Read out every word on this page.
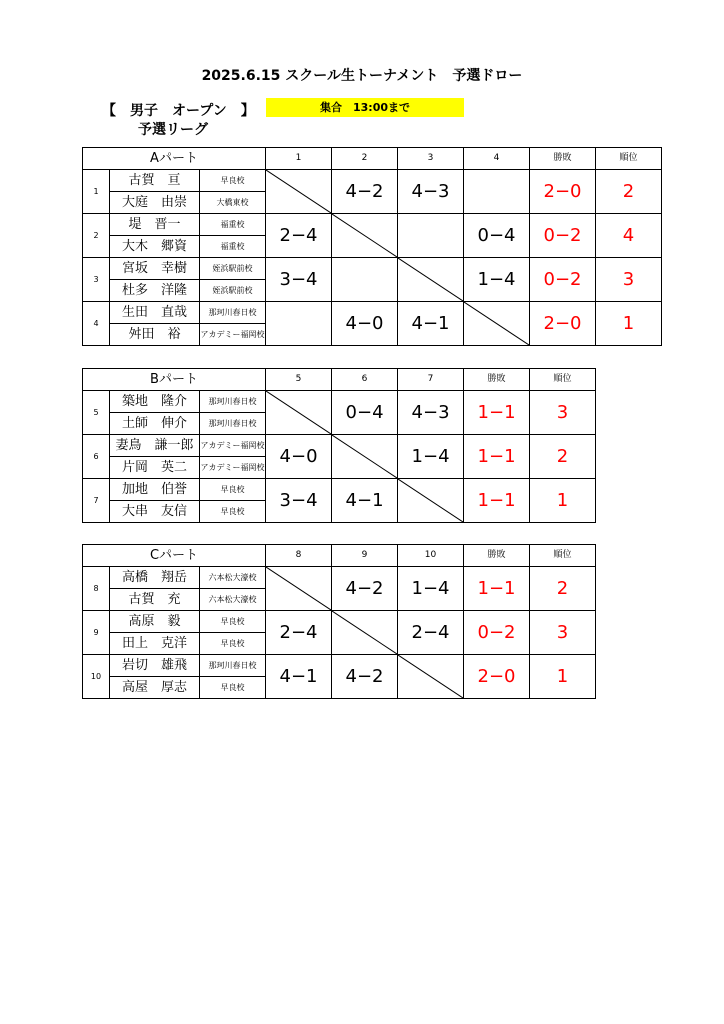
2025.6.15 スクール生トーナメント　予選ドロー
【　男子　オープン　】	集合　13:00まで
予選リーグ
Aパート			1	2	3	4	勝敗	順位
1	古賀　亘	早良校		4−2	4−3		2−0	2
	大庭　由崇	大橋東校						
2	堤　晋一	福重校	2−4			0−4	0−2	4
	大木　郷資	福重校						
3	宮坂　幸樹	姪浜駅前校	3−4			1−4	0−2	3
	杜多　洋隆	姪浜駅前校						
4	生田　直哉	那珂川春日校		4−0	4−1		2−0	1
	舛田　裕	アカデミー福岡校						
Bパート			5	6	7	勝敗	順位
5	築地　隆介	那珂川春日校		0−4	4−3	1−1	3
	土師　伸介	那珂川春日校					
6	妻鳥　謙一郎	アカデミー福岡校	4−0		1−4	1−1	2
	片岡　英二	アカデミー福岡校					
7	加地　伯誉	早良校	3−4	4−1		1−1	1
	大串　友信	早良校					
Cパート			8	9	10	勝敗	順位
8	高橋　翔岳	六本松大濠校		4−2	1−4	1−1	2
	古賀　充	六本松大濠校					
9	高原　毅	早良校	2−4		2−4	0−2	3
	田上　克洋	早良校					
10	岩切　雄飛	那珂川春日校	4−1	4−2		2−0	1
	高屋　厚志	早良校					
